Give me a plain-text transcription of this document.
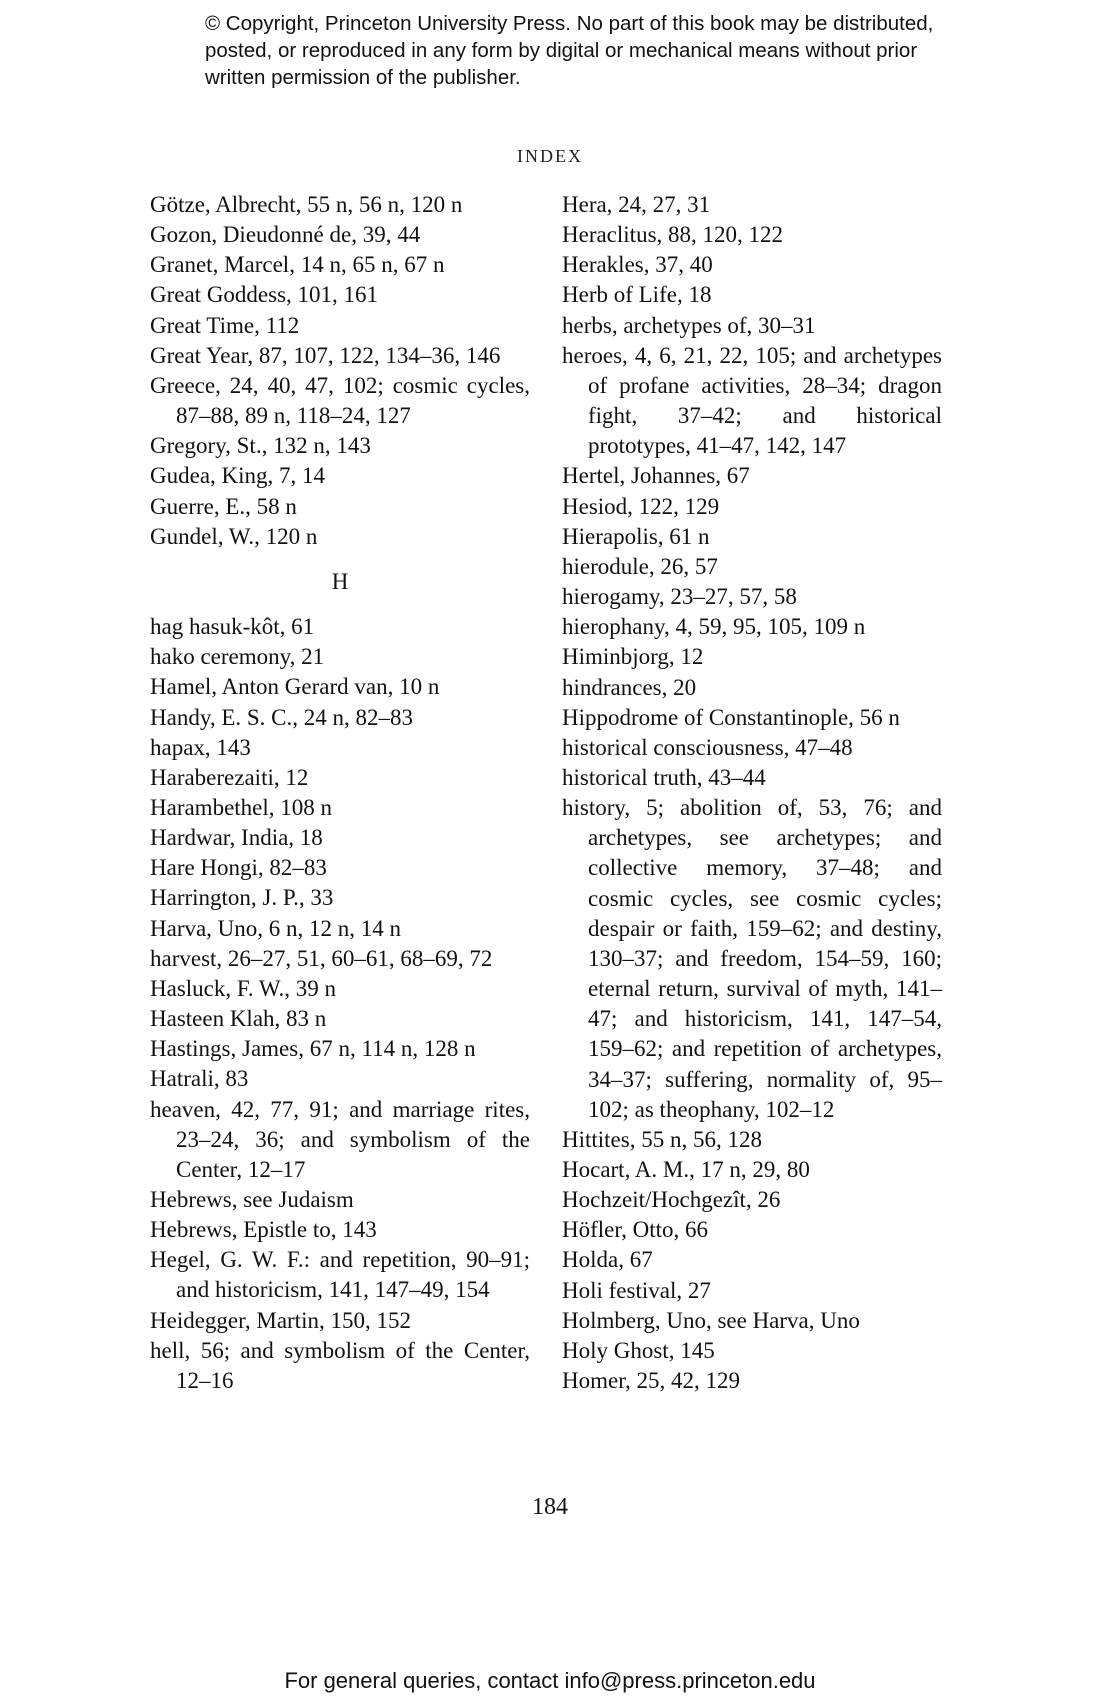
© Copyright, Princeton University Press. No part of this book may be distributed, posted, or reproduced in any form by digital or mechanical means without prior written permission of the publisher.
INDEX

Götze, Albrecht, 55 n, 56 n, 120 n

Gozon, Dieudonné de, 39, 44

Granet, Marcel, 14 n, 65 n, 67 n

Great Goddess, 101, 161

Great Time, 112

Great Year, 87, 107, 122, 134–36, 146

Greece, 24, 40, 47, 102; cosmic cycles, 87–88, 89 n, 118–24, 127

Gregory, St., 132 n, 143

Gudea, King, 7, 14

Guerre, E., 58 n

Gundel, W., 120 n

H

hag hasuk-kôt, 61

hako ceremony, 21

Hamel, Anton Gerard van, 10 n

Handy, E. S. C., 24 n, 82–83

hapax, 143

Haraberezaiti, 12

Harambethel, 108 n

Hardwar, India, 18

Hare Hongi, 82–83

Harrington, J. P., 33

Harva, Uno, 6 n, 12 n, 14 n

harvest, 26–27, 51, 60–61, 68–69, 72

Hasluck, F. W., 39 n

Hasteen Klah, 83 n

Hastings, James, 67 n, 114 n, 128 n

Hatrali, 83

heaven, 42, 77, 91; and marriage rites, 23–24, 36; and symbolism of the Center, 12–17

Hebrews, see Judaism

Hebrews, Epistle to, 143

Hegel, G. W. F.: and repetition, 90–91; and historicism, 141, 147–49, 154

Heidegger, Martin, 150, 152

hell, 56; and symbolism of the Center, 12–16

Hera, 24, 27, 31

Heraclitus, 88, 120, 122

Herakles, 37, 40

Herb of Life, 18

herbs, archetypes of, 30–31

heroes, 4, 6, 21, 22, 105; and archetypes of profane activities, 28–34; dragon fight, 37–42; and historical prototypes, 41–47, 142, 147

Hertel, Johannes, 67

Hesiod, 122, 129

Hierapolis, 61 n

hierodule, 26, 57

hierogamy, 23–27, 57, 58

hierophany, 4, 59, 95, 105, 109 n

Himinbjorg, 12

hindrances, 20

Hippodrome of Constantinople, 56 n

historical consciousness, 47–48

historical truth, 43–44

history, 5; abolition of, 53, 76; and archetypes, see archetypes; and collective memory, 37–48; and cosmic cycles, see cosmic cycles; despair or faith, 159–62; and destiny, 130–37; and freedom, 154–59, 160; eternal return, survival of myth, 141–47; and historicism, 141, 147–54, 159–62; and repetition of archetypes, 34–37; suffering, normality of, 95–102; as theophany, 102–12

Hittites, 55 n, 56, 128

Hocart, A. M., 17 n, 29, 80

Hochzeit/Hochgezît, 26

Höfler, Otto, 66

Holda, 67

Holi festival, 27

Holmberg, Uno, see Harva, Uno

Holy Ghost, 145

Homer, 25, 42, 129

184
For general queries, contact info@press.princeton.edu
